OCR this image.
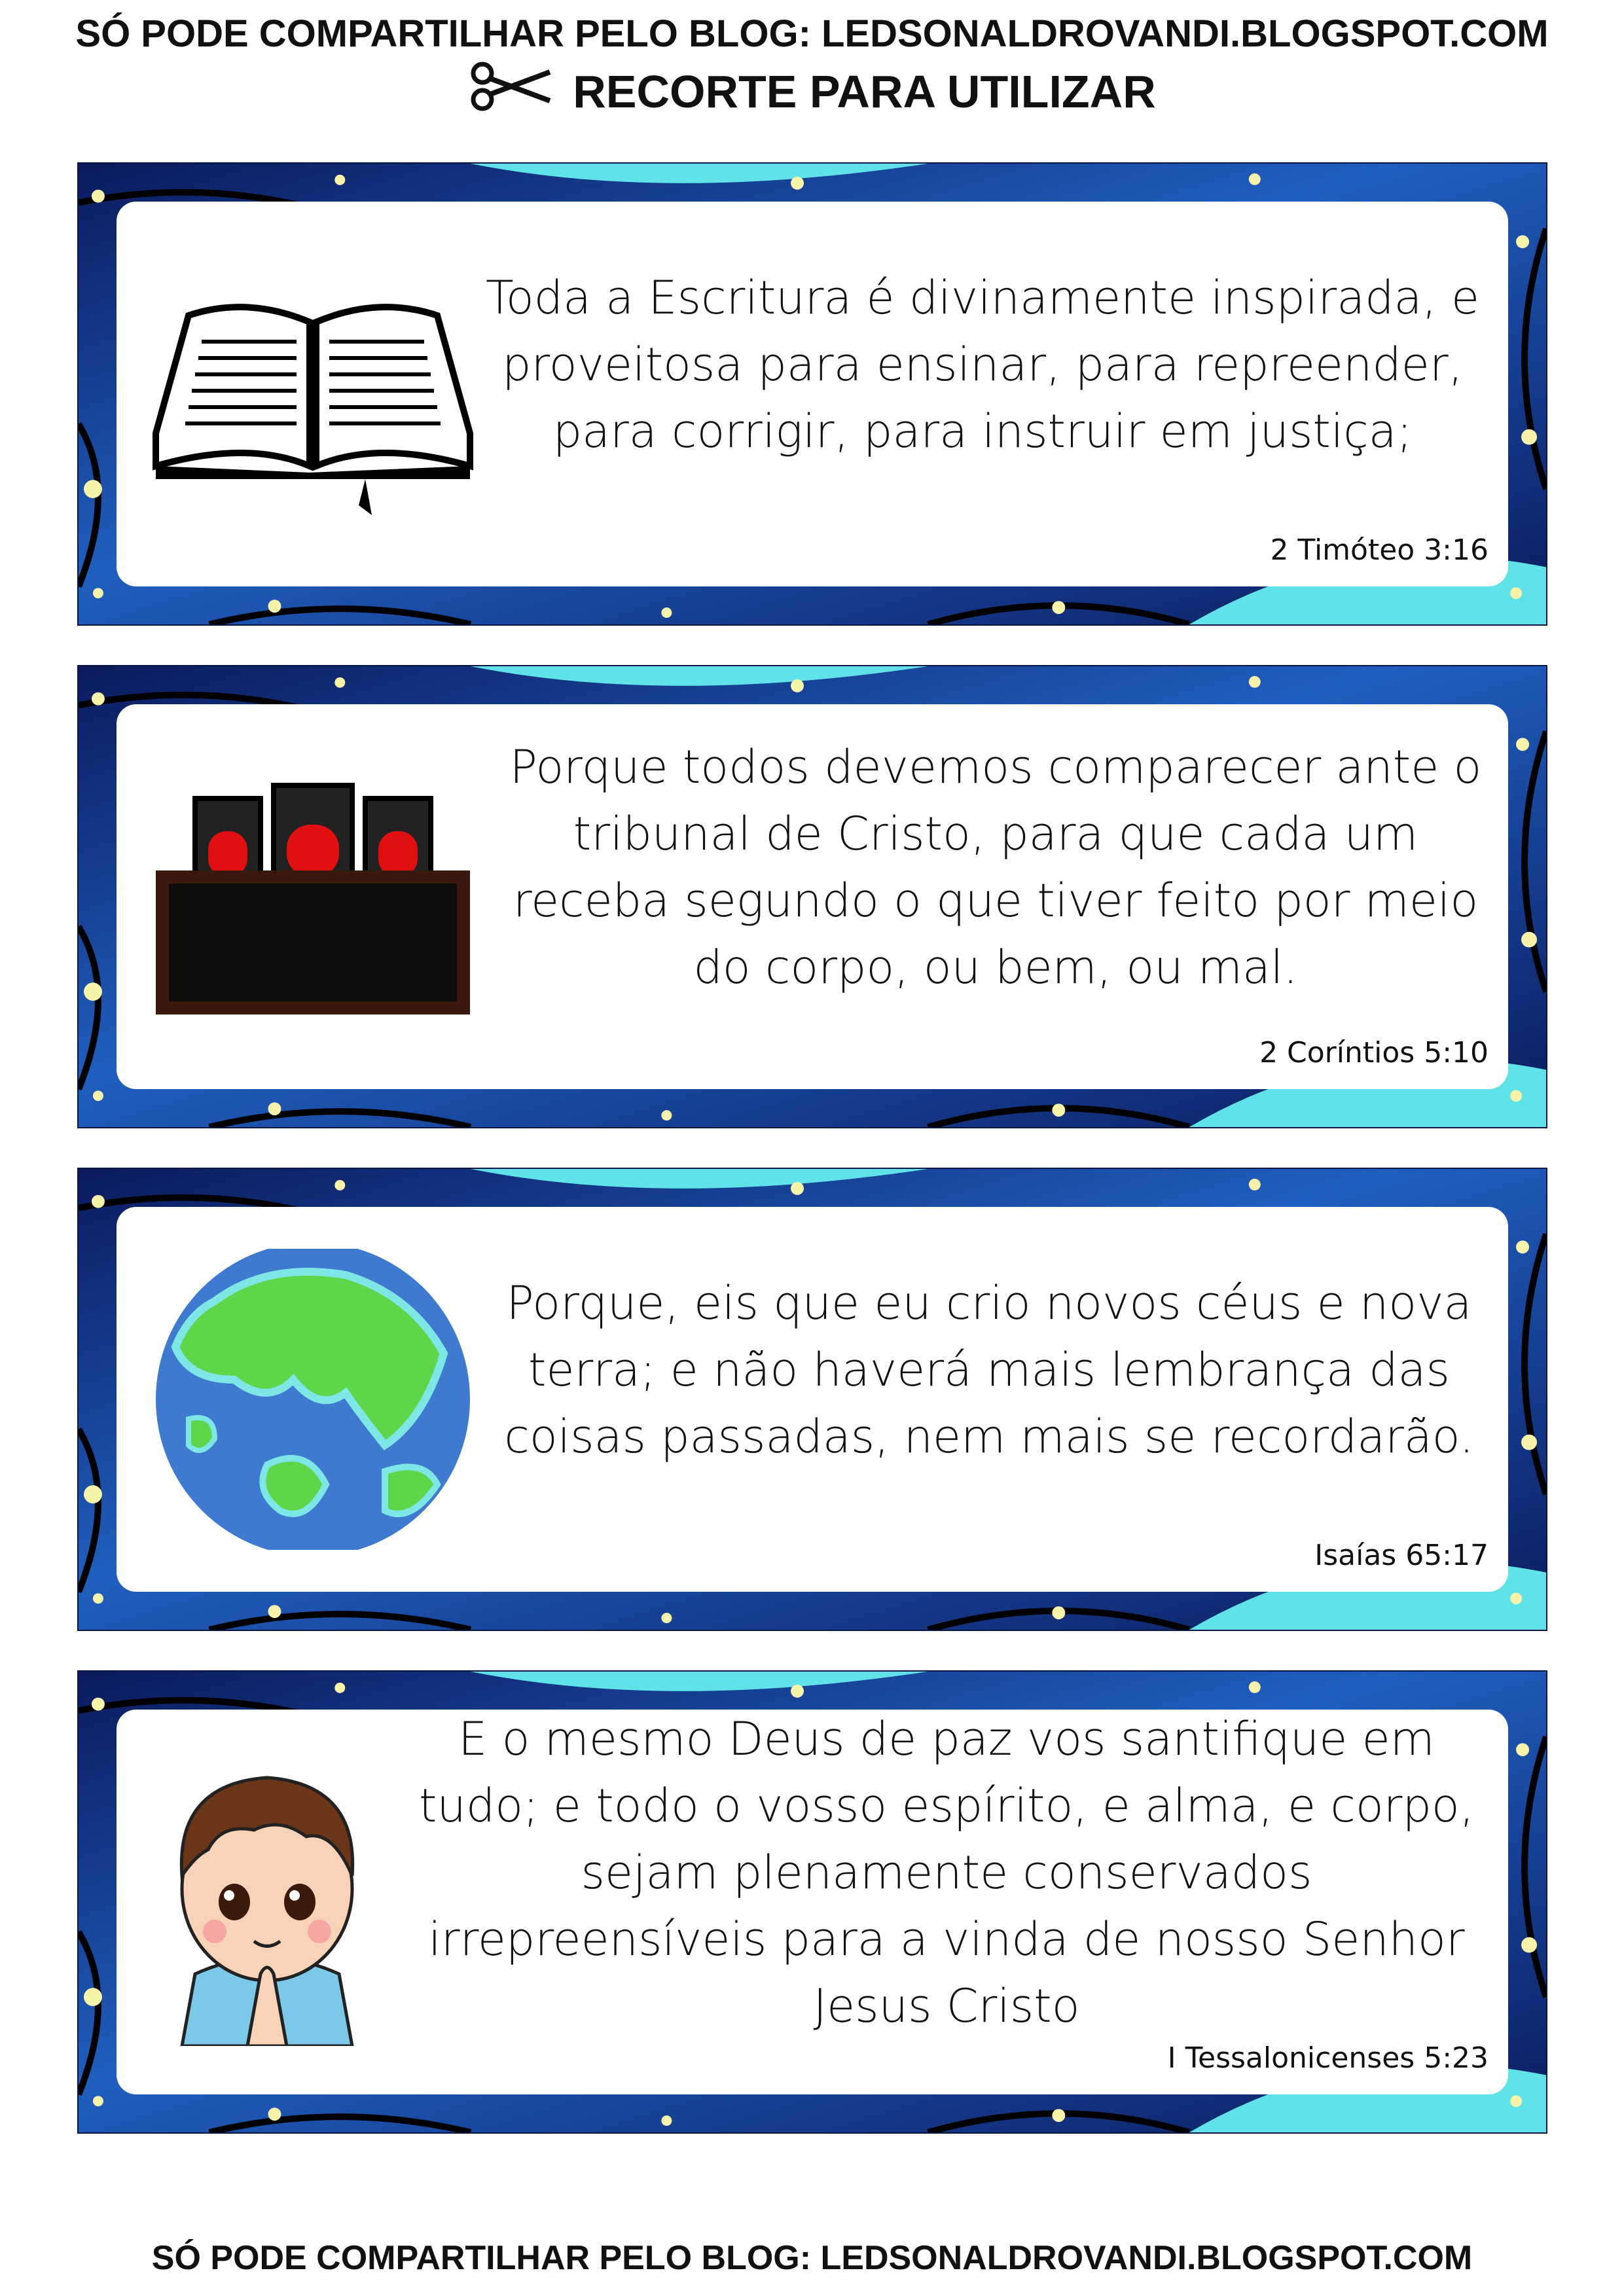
SÓ PODE COMPARTILHAR PELO BLOG: LEDSONALDROVANDI.BLOGSPOT.COM
RECORTE PARA UTILIZAR
Toda a Escritura é divinamente inspirada, e proveitosa para ensinar, para repreender, para corrigir, para instruir em justiça;
2 Timóteo 3:16
Porque todos devemos comparecer ante o tribunal de Cristo, para que cada um receba segundo o que tiver feito por meio do corpo, ou bem, ou mal.
2 Coríntios 5:10
Porque, eis que eu crio novos céus e nova terra; e não haverá mais lembrança das coisas passadas, nem mais se recordarão.
Isaías 65:17
E o mesmo Deus de paz vos santifique em tudo; e todo o vosso espírito, e alma, e corpo, sejam plenamente conservados irrepreensíveis para a vinda de nosso Senhor Jesus Cristo
I Tessalonicenses 5:23
SÓ PODE COMPARTILHAR PELO BLOG: LEDSONALDROVANDI.BLOGSPOT.COM
